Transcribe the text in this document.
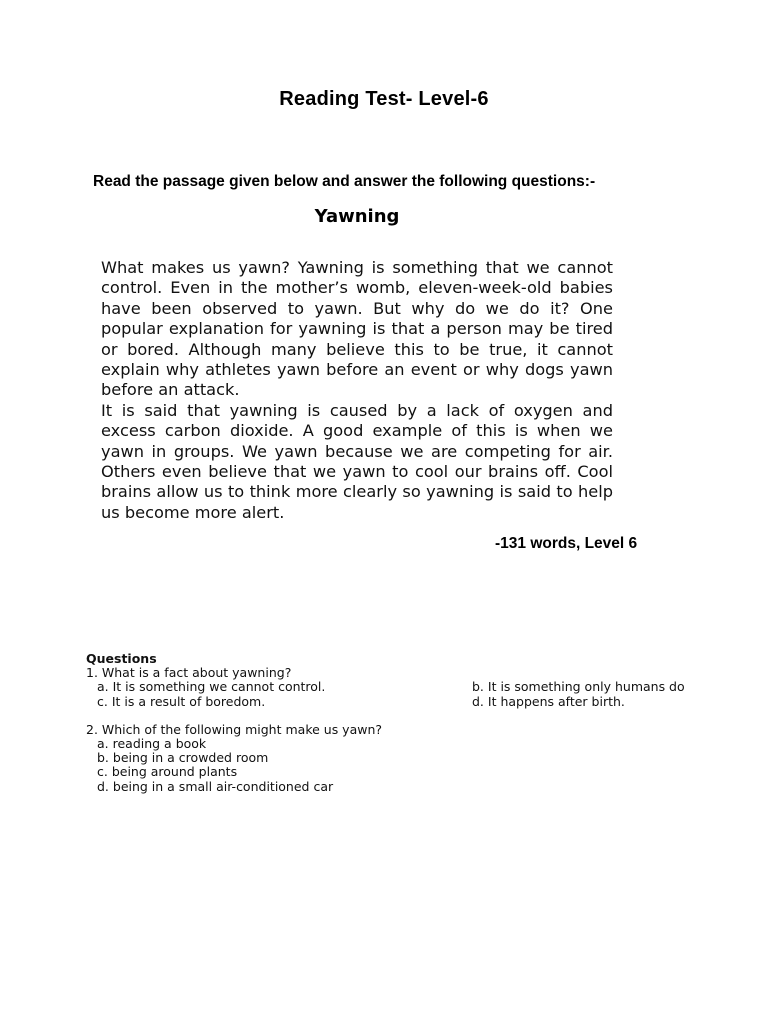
Reading Test- Level-6
Read the passage given below and answer the following questions:-
Yawning

What makes us yawn? Yawning is something that we cannot control. Even in the mother’s womb, eleven-week-old babies have been observed to yawn. But why do we do it? One popular explanation for yawning is that a person may be tired or bored. Although many believe this to be true, it cannot explain why athletes yawn before an event or why dogs yawn before an attack.

It is said that yawning is caused by a lack of oxygen and excess carbon dioxide. A good example of this is when we yawn in groups. We yawn because we are competing for air. Others even believe that we yawn to cool our brains off. Cool brains allow us to think more clearly so yawning is said to help us become more alert.

-131 words, Level 6
Questions
1. What is a fact about yawning?
a. It is something we cannot control.	b. It is something only humans do
c. It is a result of boredom.	d. It happens after birth.
2. Which of the following might make us yawn?
a. reading a book
b. being in a crowded room
c. being around plants
d. being in a small air-conditioned car
